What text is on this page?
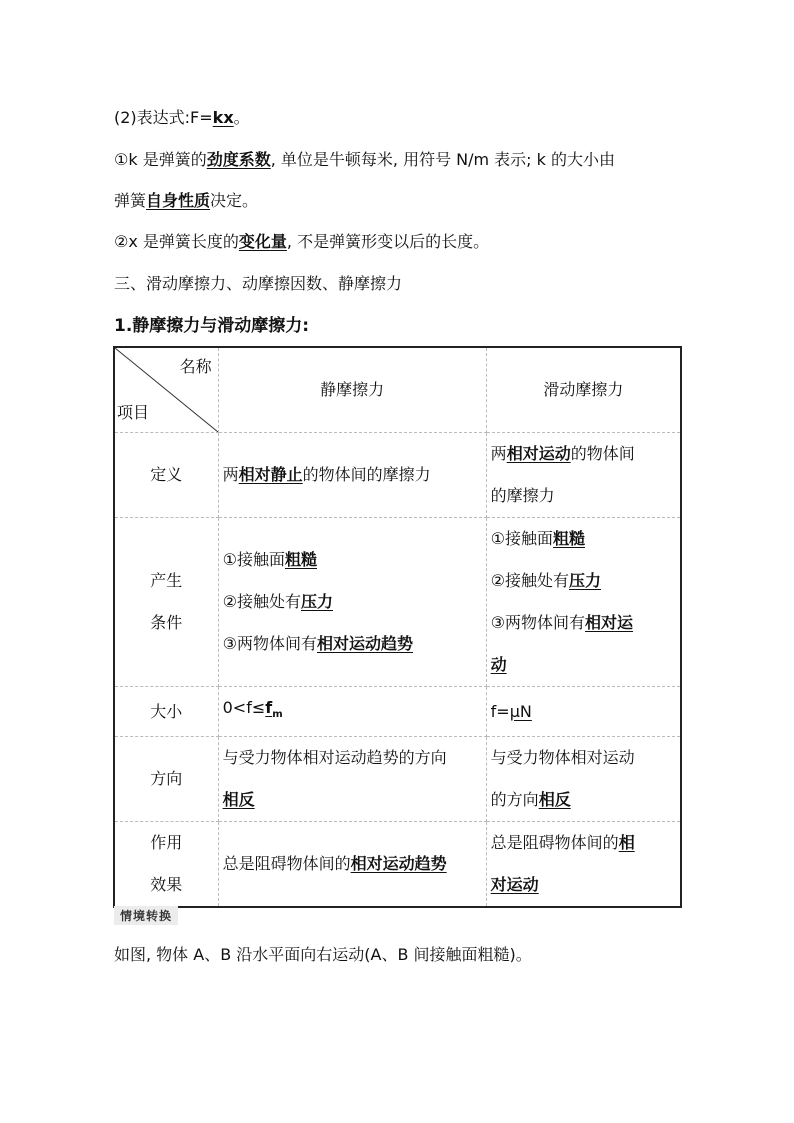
(2)表达式:F=kx。
①k 是弹簧的劲度系数, 单位是牛顿每米, 用符号 N/m 表示; k 的大小由
弹簧自身性质决定。
②x 是弹簧长度的变化量, 不是弹簧形变以后的长度。
三、滑动摩擦力、动摩擦因数、静摩擦力
1.静摩擦力与滑动摩擦力:
名称
项目	静摩擦力	滑动摩擦力
定义	两相对静止的物体间的摩擦力	两相对运动的物体间
的摩擦力
产生
条件	①接触面粗糙
②接触处有压力
③两物体间有相对运动趋势	①接触面粗糙
②接触处有压力
③两物体间有相对运
动
大小	$0<f\le f_m$	f=μN
方向	与受力物体相对运动趋势的方向
相反	与受力物体相对运动
的方向相反
作用
效果	总是阻碍物体间的相对运动趋势	总是阻碍物体间的相
对运动
情境转换
如图, 物体 A、B 沿水平面向右运动(A、B 间接触面粗糙)。
